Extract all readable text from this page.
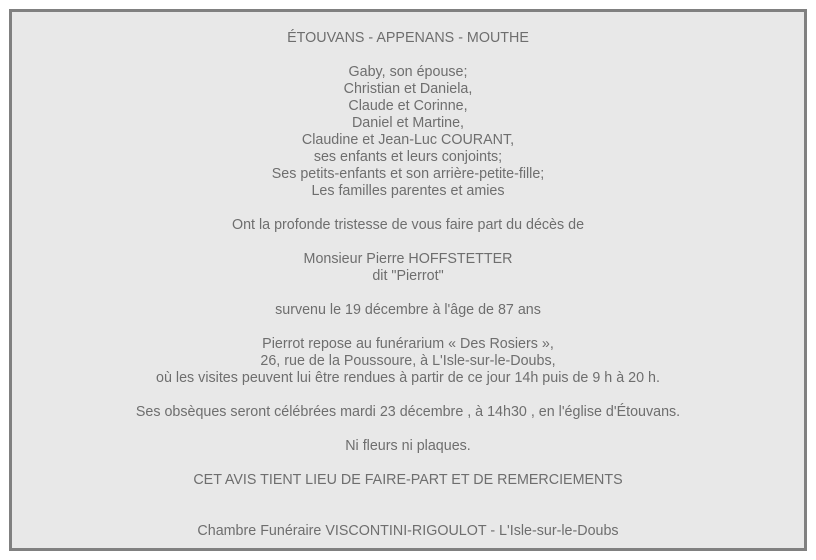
ÉTOUVANS - APPENANS - MOUTHE

Gaby, son épouse;
Christian et Daniela,
Claude et Corinne,
Daniel et Martine,
Claudine et Jean-Luc COURANT,
ses enfants et leurs conjoints;
Ses petits-enfants et son arrière-petite-fille;
Les familles parentes et amies

Ont la profonde tristesse de vous faire part du décès de

Monsieur Pierre HOFFSTETTER
dit "Pierrot"

survenu le 19 décembre à l'âge de 87 ans

Pierrot repose au funérarium « Des Rosiers »,
26, rue de la Poussoure, à L'Isle-sur-le-Doubs,
où les visites peuvent lui être rendues à partir de ce jour 14h puis de 9 h à 20 h.

Ses obsèques seront célébrées mardi 23 décembre , à 14h30 , en l'église d'Étouvans.

Ni fleurs ni plaques.

CET AVIS TIENT LIEU DE FAIRE-PART ET DE REMERCIEMENTS

Chambre Funéraire VISCONTINI-RIGOULOT - L'Isle-sur-le-Doubs
